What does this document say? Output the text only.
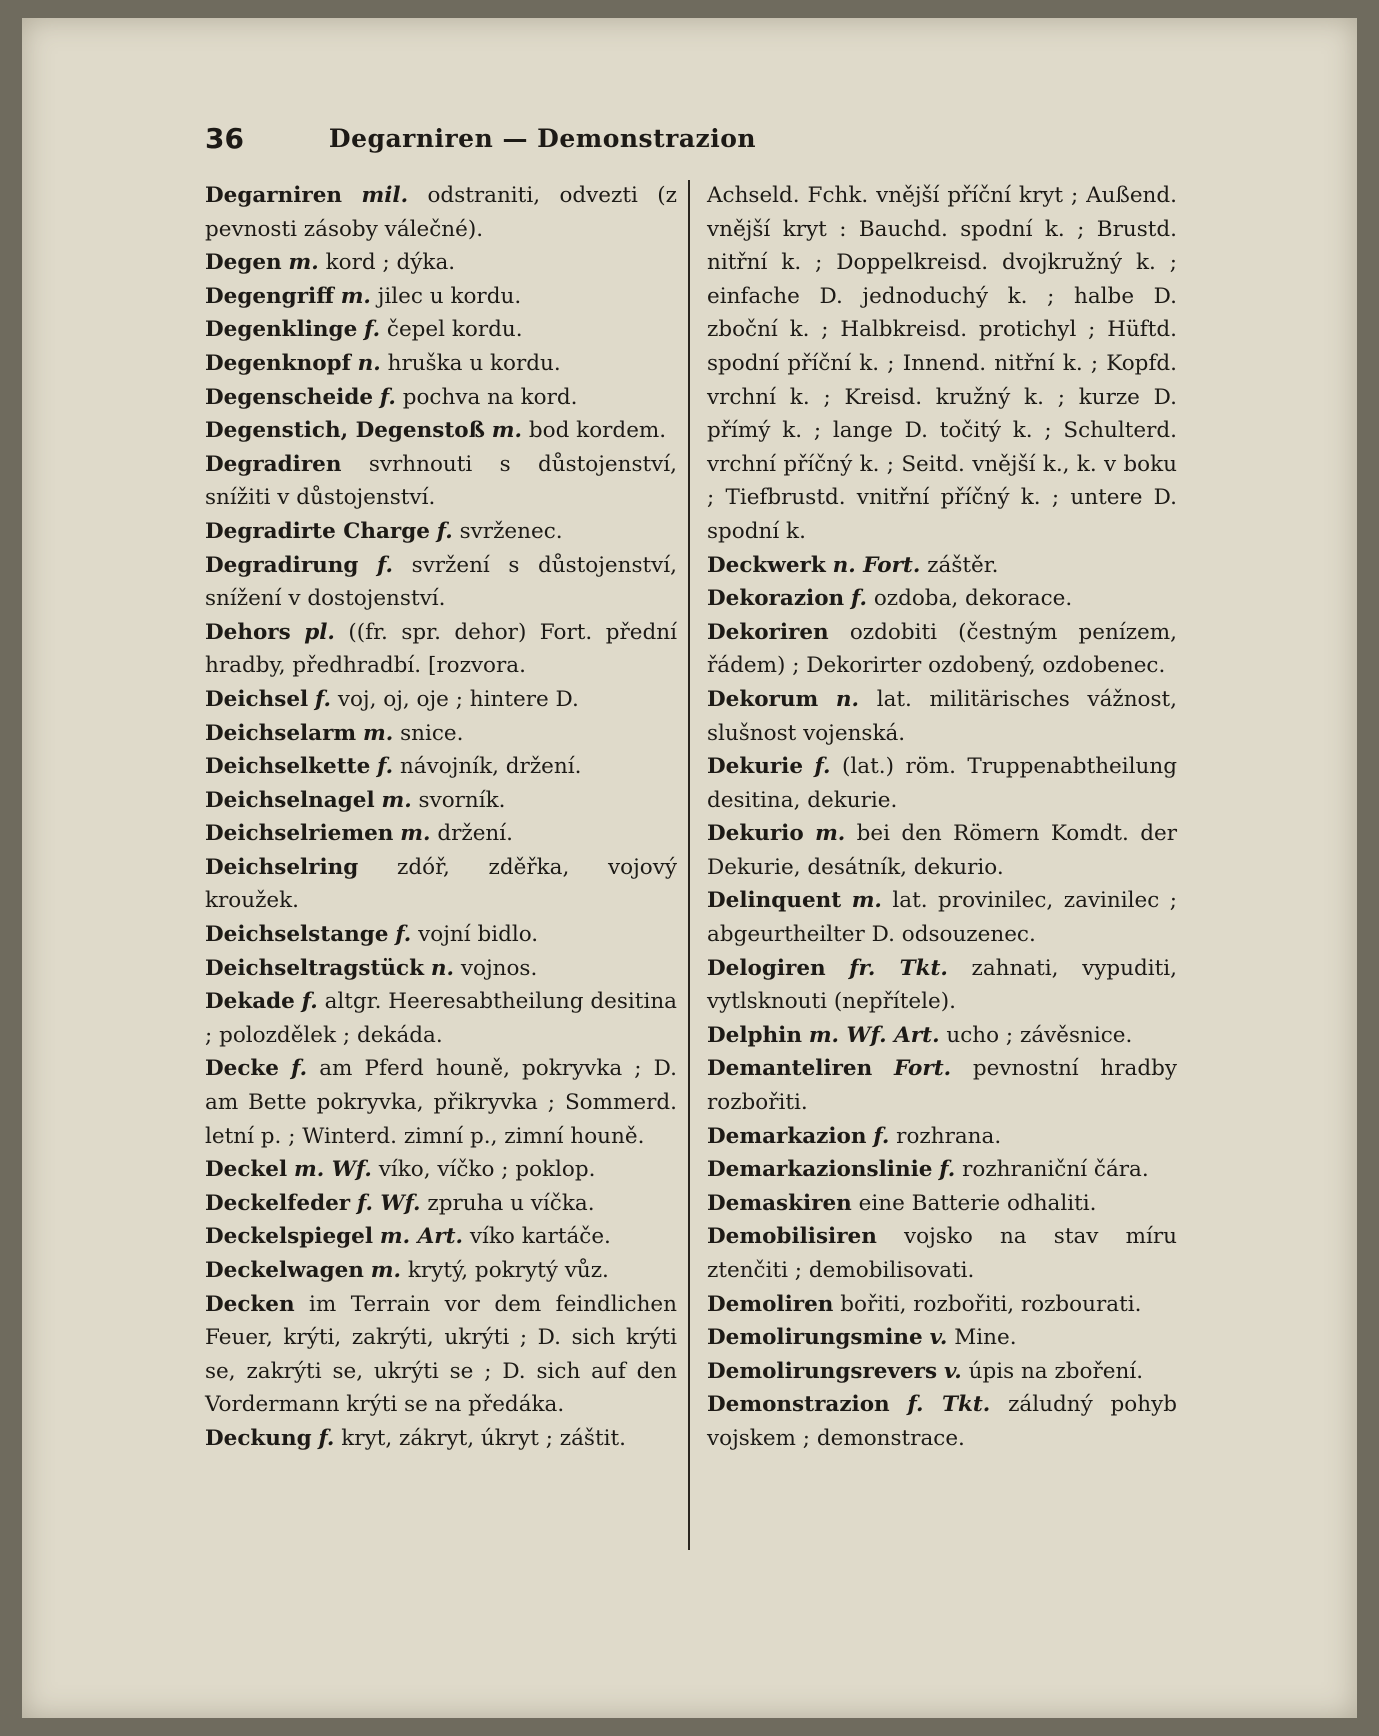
36	Degarniren — Demonstrazion
Degarniren mil. odstraniti, odvezti (z pevnosti zásoby válečné).
Degen m. kord ; dýka.
Degengriff m. jilec u kordu.
Degenklinge f. čepel kordu.
Degenknopf n. hruška u kordu.
Degenscheide f. pochva na kord.
Degenstich, Degenstoß m. bod kordem.
Degradiren svrhnouti s důstojenství, snížiti v důstojenství.
Degradirte Charge f. svrženec.
Degradirung f. svržení s důstojenství, snížení v dostojenství.
Dehors pl. ((fr. spr. dehor) Fort. přední hradby, předhradbí. [rozvora.
Deichsel f. voj, oj, oje ; hintere D.
Deichselarm m. snice.
Deichselkette f. návojník, držení.
Deichselnagel m. svorník.
Deichselriemen m. držení.
Deichselring zdóř, zděřka, vojový kroužek.
Deichselstange f. vojní bidlo.
Deichseltragstück n. vojnos.
Dekade f. altgr. Heeresabtheilung desitina ; polozdělek ; dekáda.
Decke f. am Pferd houně, pokryvka ; D. am Bette pokryvka, přikryvka ; Sommerd. letní p. ; Winterd. zimní p., zimní houně.
Deckel m. Wf. víko, víčko ; poklop.
Deckelfeder f. Wf. zpruha u víčka.
Deckelspiegel m. Art. víko kartáče.
Deckelwagen m. krytý, pokrytý vůz.
Decken im Terrain vor dem feindlichen Feuer, krýti, zakrýti, ukrýti ; D. sich krýti se, zakrýti se, ukrýti se ; D. sich auf den Vordermann krýti se na předáka.
Deckung f. kryt, zákryt, úkryt ; záštit.
Achseld. Fchk. vnější příční kryt ; Außend. vnější kryt : Bauchd. spodní k. ; Brustd. nitřní k. ; Doppelkreisd. dvojkružný k. ; einfache D. jednoduchý k. ; halbe D. zboční k. ; Halbkreisd. protichyl ; Hüftd. spodní příční k. ; Innend. nitřní k. ; Kopfd. vrchní k. ; Kreisd. kružný k. ; kurze D. přímý k. ; lange D. točitý k. ; Schulterd. vrchní příčný k. ; Seitd. vnější k., k. v boku ; Tiefbrustd. vnitřní příčný k. ; untere D. spodní k.
Deckwerk n. Fort. záštěr.
Dekorazion f. ozdoba, dekorace.
Dekoriren ozdobiti (čestným penízem, řádem) ; Dekorirter ozdobený, ozdobenec.
Dekorum n. lat. militärisches vážnost, slušnost vojenská.
Dekurie f. (lat.) röm. Truppenabtheilung desitina, dekurie.
Dekurio m. bei den Römern Komdt. der Dekurie, desátník, dekurio.
Delinquent m. lat. provinilec, zavinilec ; abgeurtheilter D. odsouzenec.
Delogiren fr. Tkt. zahnati, vypuditi, vytlsknouti (nepřítele).
Delphin m. Wf. Art. ucho ; závěsnice.
Demanteliren Fort. pevnostní hradby rozbořiti.
Demarkazion f. rozhrana.
Demarkazionslinie f. rozhraniční čára.
Demaskiren eine Batterie odhaliti.
Demobilisiren vojsko na stav míru ztenčiti ; demobilisovati.
Demoliren bořiti, rozbořiti, rozbourati.
Demolirungsmine v. Mine.
Demolirungsrevers v. úpis na zboření.
Demonstrazion f. Tkt. záludný pohyb vojskem ; demonstrace.
